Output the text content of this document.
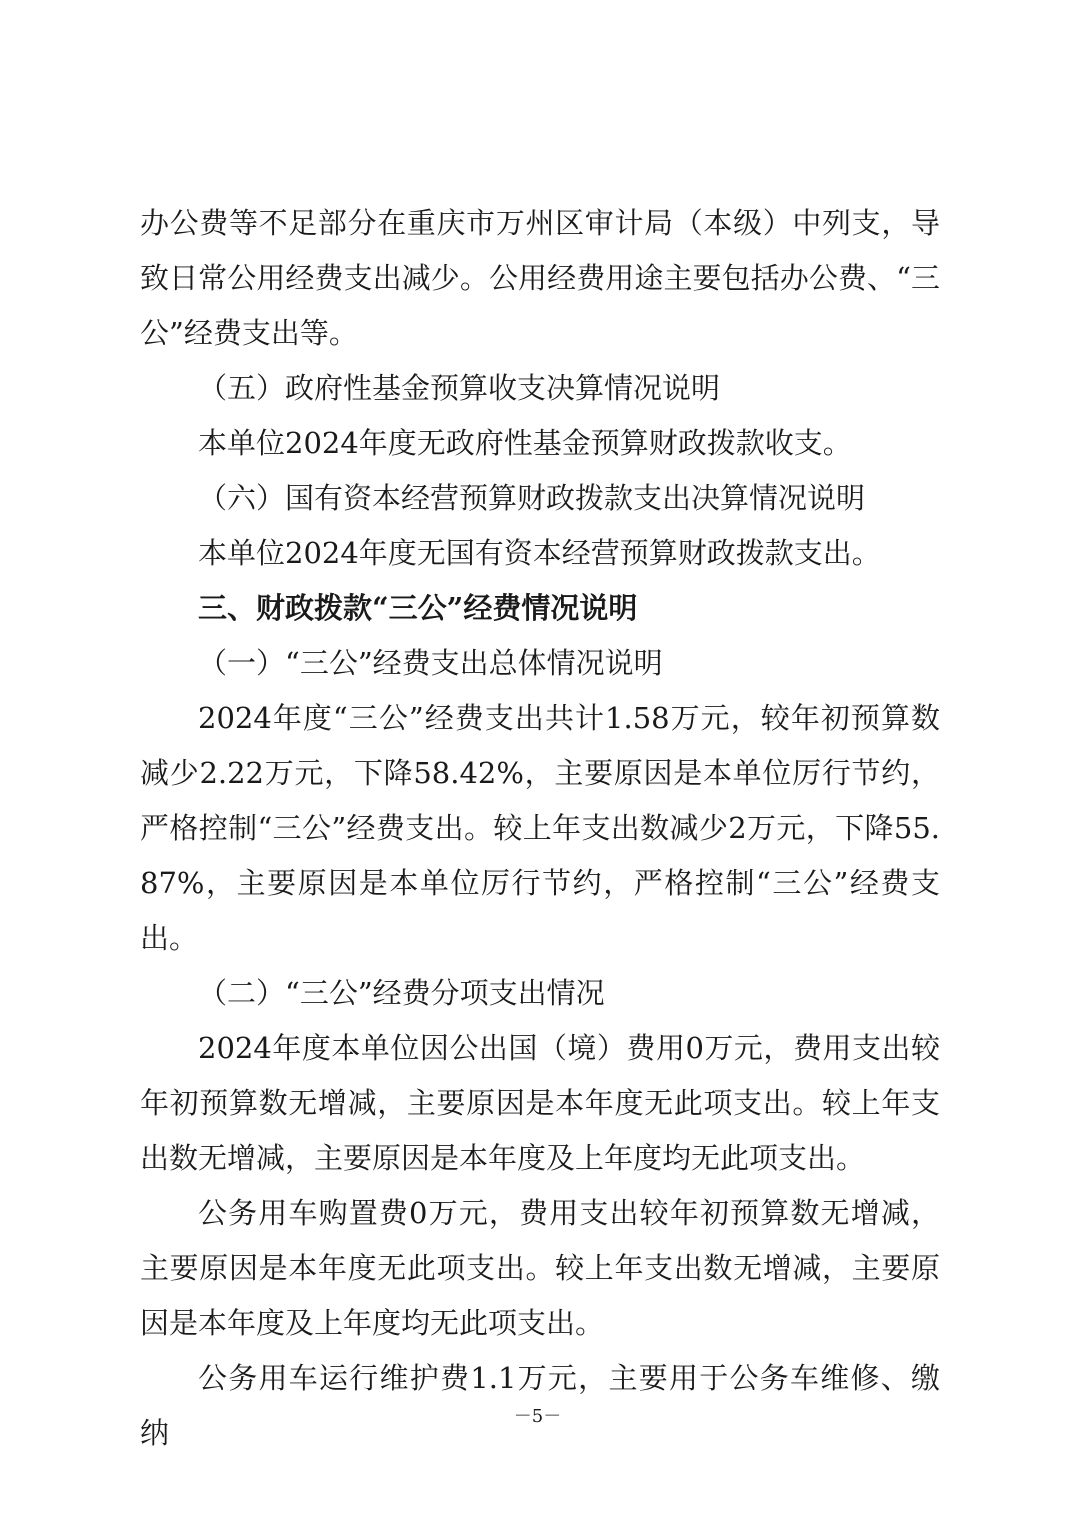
办公费等不足部分在重庆市万州区审计局（本级）中列支，导致日常公用经费支出减少。公用经费用途主要包括办公费、“三公”经费支出等。

（五）政府性基金预算收支决算情况说明

本单位2024年度无政府性基金预算财政拨款收支。

（六）国有资本经营预算财政拨款支出决算情况说明

本单位2024年度无国有资本经营预算财政拨款支出。

三、财政拨款“三公”经费情况说明

（一）“三公”经费支出总体情况说明

2024年度“三公”经费支出共计1.58万元，较年初预算数减少2.22万元，下降58.42%，主要原因是本单位厉行节约，严格控制“三公”经费支出。较上年支出数减少2万元，下降55.87%，主要原因是本单位厉行节约，严格控制“三公”经费支出。

（二）“三公”经费分项支出情况

2024年度本单位因公出国（境）费用0万元，费用支出较年初预算数无增减，主要原因是本年度无此项支出。较上年支出数无增减，主要原因是本年度及上年度均无此项支出。

公务用车购置费0万元，费用支出较年初预算数无增减，主要原因是本年度无此项支出。较上年支出数无增减，主要原因是本年度及上年度均无此项支出。

公务用车运行维护费1.1万元，主要用于公务车维修、缴纳	－5－
